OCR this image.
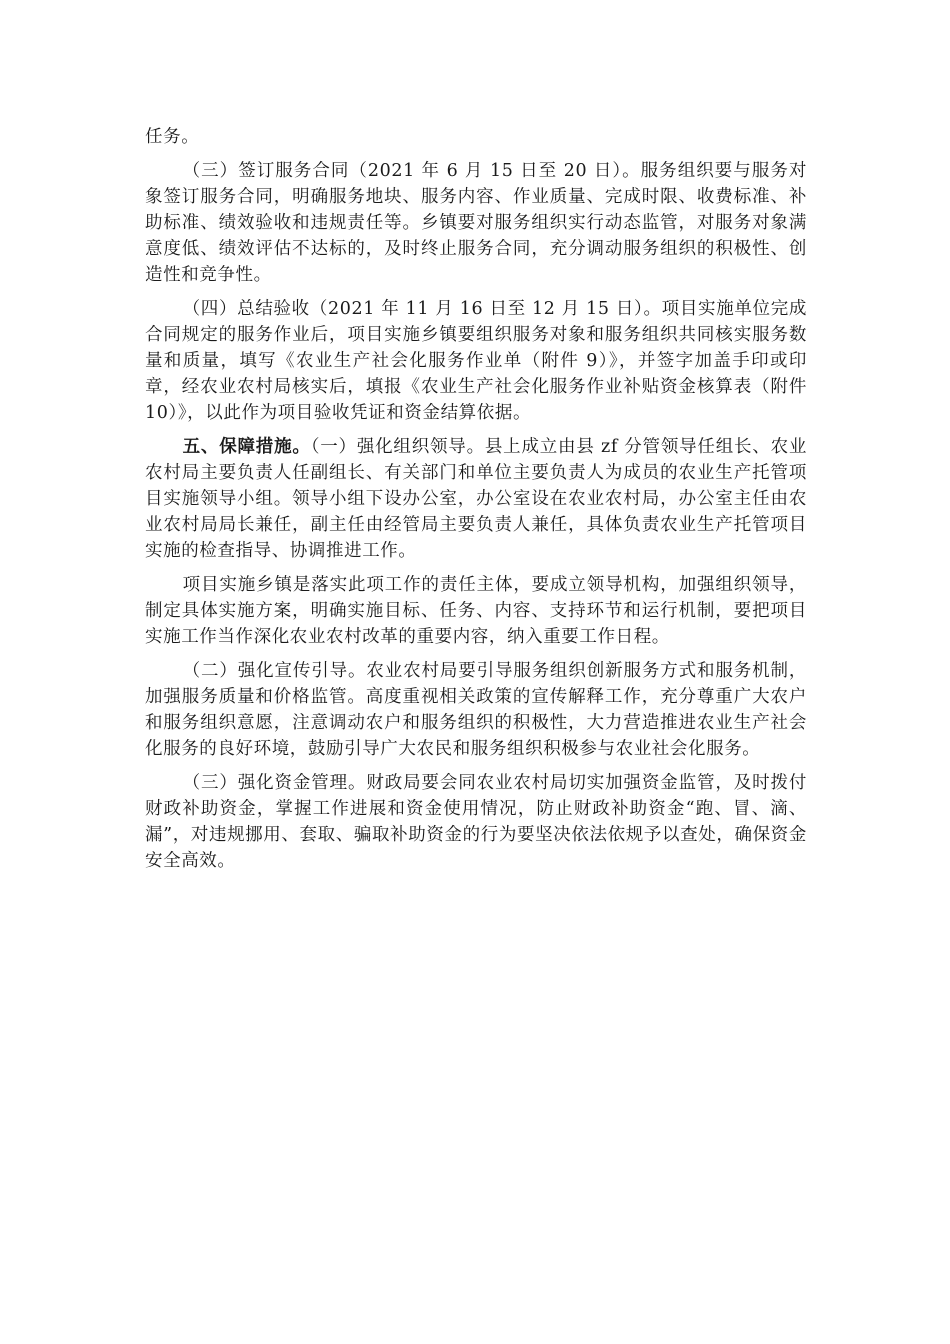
任务。

（三）签订服务合同（2021 年 6 月 15 日至 20 日）。服务组织要与服务对象签订服务合同，明确服务地块、服务内容、作业质量、完成时限、收费标准、补助标准、绩效验收和违规责任等。乡镇要对服务组织实行动态监管，对服务对象满意度低、绩效评估不达标的，及时终止服务合同，充分调动服务组织的积极性、创造性和竞争性。

（四）总结验收（2021 年 11 月 16 日至 12 月 15 日）。项目实施单位完成合同规定的服务作业后，项目实施乡镇要组织服务对象和服务组织共同核实服务数量和质量，填写《农业生产社会化服务作业单（附件 9）》，并签字加盖手印或印章，经农业农村局核实后，填报《农业生产社会化服务作业补贴资金核算表（附件 10）》，以此作为项目验收凭证和资金结算依据。

五、保障措施。（一）强化组织领导。县上成立由县 zf 分管领导任组长、农业农村局主要负责人任副组长、有关部门和单位主要负责人为成员的农业生产托管项目实施领导小组。领导小组下设办公室，办公室设在农业农村局，办公室主任由农业农村局局长兼任，副主任由经管局主要负责人兼任，具体负责农业生产托管项目实施的检查指导、协调推进工作。

项目实施乡镇是落实此项工作的责任主体，要成立领导机构，加强组织领导，制定具体实施方案，明确实施目标、任务、内容、支持环节和运行机制，要把项目实施工作当作深化农业农村改革的重要内容，纳入重要工作日程。

（二）强化宣传引导。农业农村局要引导服务组织创新服务方式和服务机制，加强服务质量和价格监管。高度重视相关政策的宣传解释工作，充分尊重广大农户和服务组织意愿，注意调动农户和服务组织的积极性，大力营造推进农业生产社会化服务的良好环境，鼓励引导广大农民和服务组织积极参与农业社会化服务。

（三）强化资金管理。财政局要会同农业农村局切实加强资金监管，及时拨付财政补助资金，掌握工作进展和资金使用情况，防止财政补助资金“跑、冒、滴、漏”，对违规挪用、套取、骗取补助资金的行为要坚决依法依规予以查处，确保资金安全高效。
